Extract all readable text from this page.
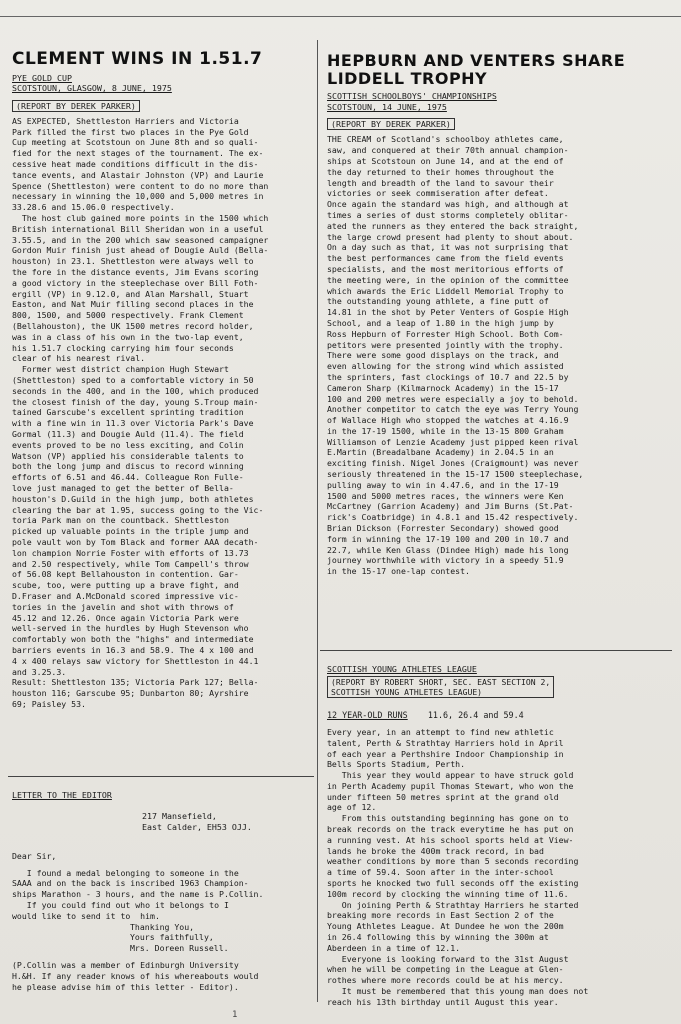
CLEMENT WINS IN 1.51.7

PYE GOLD CUP

SCOTSTOUN, GLASGOW, 8 JUNE, 1975

(REPORT BY DEREK PARKER)

AS EXPECTED, Shettleston Harriers and Victoria

Park filled the first two places in the Pye Gold

Cup meeting at Scotstoun on June 8th and so quali-

fied for the next stages of the tournament. The ex-

cessive heat made conditions difficult in the dis-

tance events, and Alastair Johnston (VP) and Laurie

Spence (Shettleston) were content to do no more than

necessary in winning the 10,000 and 5,000 metres in

33.28.6 and 15.06.0 respectively.

The host club gained more points in the 1500 which

British international Bill Sheridan won in a useful

3.55.5, and in the 200 which saw seasoned campaigner

Gordon Muir finish just ahead of Dougie Auld (Bella-

houston) in 23.1. Shettleston were always well to

the fore in the distance events, Jim Evans scoring

a good victory in the steeplechase over Bill Foth-

ergill (VP) in 9.12.0, and Alan Marshall, Stuart

Easton, and Nat Muir filling second places in the

800, 1500, and 5000 respectively. Frank Clement

(Bellahouston), the UK 1500 metres record holder,

was in a class of his own in the two-lap event,

his 1.51.7 clocking carrying him four seconds

clear of his nearest rival.

Former west district champion Hugh Stewart

(Shettleston) sped to a comfortable victory in 50

seconds in the 400, and in the 100, which produced

the closest finish of the day, young S.Troup main-

tained Garscube's excellent sprinting tradition

with a fine win in 11.3 over Victoria Park's Dave

Gormal (11.3) and Dougie Auld (11.4). The field

events proved to be no less exciting, and Colin

Watson (VP) applied his considerable talents to

both the long jump and discus to record winning

efforts of 6.51 and 46.44. Colleague Ron Fulle-

love just managed to get the better of Bella-

houston's D.Guild in the high jump, both athletes

clearing the bar at 1.95, success going to the Vic-

toria Park man on the countback. Shettleston

picked up valuable points in the triple jump and

pole vault won by Tom Black and former AAA decath-

lon champion Norrie Foster with efforts of 13.73

and 2.50 respectively, while Tom Campell's throw

of 56.08 kept Bellahouston in contention. Gar-

scube, too, were putting up a brave fight, and

D.Fraser and A.McDonald scored impressive vic-

tories in the javelin and shot with throws of

45.12 and 12.26. Once again Victoria Park were

well-served in the hurdles by Hugh Stevenson who

comfortably won both the "highs" and intermediate

barriers events in 16.3 and 58.9. The 4 x 100 and

4 x 400 relays saw victory for Shettleston in 44.1

and 3.25.3.

Result: Shettleston 135; Victoria Park 127; Bella-

houston 116; Garscube 95; Dunbarton 80; Ayrshire

69; Paisley 53.

LETTER TO THE EDITOR

217 Mansefield,
East Calder, EH53 OJJ.

Dear Sir,

I found a medal belonging to someone in the

SAAA and on the back is inscribed 1963 Champion-

ships Marathon - 3 hours, and the name is P.Collin.

If you could find out who it belongs to I

would like to send it to  him.

Thanking You,

Yours faithfully,

Mrs. Doreen Russell.

(P.Collin was a member of Edinburgh University

H.&H. If any reader knows of his whereabouts would

he please advise him of this letter - Editor).

HEPBURN AND VENTERS SHARE LIDDELL TROPHY

SCOTTISH SCHOOLBOYS' CHAMPIONSHIPS

SCOTSTOUN, 14 JUNE, 1975

(REPORT BY DEREK PARKER)

THE CREAM of Scotland's schoolboy athletes came,

saw, and conquered at their 70th annual champion-

ships at Scotstoun on June 14, and at the end of

the day returned to their homes throughout the

length and breadth of the land to savour their

victories or seek commiseration after defeat.

Once again the standard was high, and although at

times a series of dust storms completely oblitar-

ated the runners as they entered the back straight,

the large crowd present had plenty to shout about.

On a day such as that, it was not surprising that

the best performances came from the field events

specialists, and the most meritorious efforts of

the meeting were, in the opinion of the committee

which awards the Eric Liddell Memorial Trophy to

the outstanding young athlete, a fine putt of

14.81 in the shot by Peter Venters of Gospie High

School, and a leap of 1.80 in the high jump by

Ross Hepburn of Forrester High School. Both Com-

petitors were presented jointly with the trophy.

There were some good displays on the track, and

even allowing for the strong wind which assisted

the sprinters, fast clockings of 10.7 and 22.5 by

Cameron Sharp (Kilmarnock Academy) in the 15-17

100 and 200 metres were especially a joy to behold.

Another competitor to catch the eye was Terry Young

of Wallace High who stopped the watches at 4.16.9

in the 17-19 1500, while in the 13-15 800 Graham

Williamson of Lenzie Academy just pipped keen rival

E.Martin (Breadalbane Academy) in 2.04.5 in an

exciting finish. Nigel Jones (Craigmount) was never

seriously threatened in the 15-17 1500 steeplechase,

pulling away to win in 4.47.6, and in the 17-19

1500 and 5000 metres races, the winners were Ken

McCartney (Garrion Academy) and Jim Burns (St.Pat-

rick's Coatbridge) in 4.8.1 and 15.42 respectively.

Brian Dickson (Forrester Secondary) showed good

form in winning the 17-19 100 and 200 in 10.7 and

22.7, while Ken Glass (Dindee High) made his long

journey worthwhile with victory in a speedy 51.9

in the 15-17 one-lap contest.

SCOTTISH YOUNG ATHLETES LEAGUE

(REPORT BY ROBERT SHORT, SEC. EAST SECTION 2,
SCOTTISH YOUNG ATHLETES LEAGUE)

12 YEAR-OLD RUNS 11.6, 26.4 and 59.4

Every year, in an attempt to find new athletic

talent, Perth & Strathtay Harriers hold in April

of each year a Perthshire Indoor Championship in

Bells Sports Stadium, Perth.

This year they would appear to have struck gold

in Perth Academy pupil Thomas Stewart, who won the

under fifteen 50 metres sprint at the grand old

age of 12.

From this outstanding beginning has gone on to

break records on the track everytime he has put on

a running vest. At his school sports held at View-

lands he broke the 400m track record, in bad

weather conditions by more than 5 seconds recording

a time of 59.4. Soon after in the inter-school

sports he knocked two full seconds off the existing

100m record by clocking the winning time of 11.6.

On joining Perth & Strathtay Harriers he started

breaking more records in East Section 2 of the

Young Athletes League. At Dundee he won the 200m

in 26.4 following this by winning the 300m at

Aberdeen in a time of 12.1.

Everyone is looking forward to the 31st August

when he will be competing in the League at Glen-

rothes where more records could be at his mercy.

It must be remembered that this young man does not

reach his 13th birthday until August this year.

1
